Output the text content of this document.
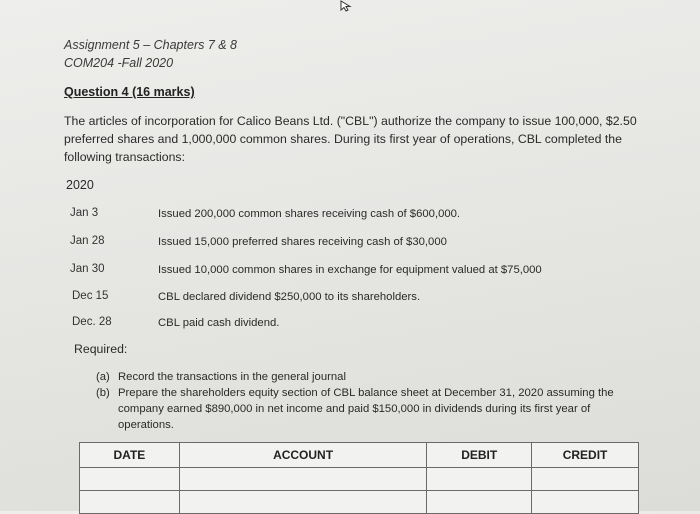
Assignment 5 – Chapters 7 & 8
COM204 -Fall 2020
Question 4 (16 marks)
The articles of incorporation for Calico Beans Ltd. ("CBL") authorize the company to issue 100,000, $2.50 preferred shares and 1,000,000 common shares. During its first year of operations, CBL completed the following transactions:
2020
Jan 3	Issued 200,000 common shares receiving cash of $600,000.
Jan 28	Issued 15,000 preferred shares receiving cash of $30,000
Jan 30	Issued 10,000 common shares in exchange for equipment valued at $75,000
Dec 15	CBL declared dividend $250,000 to its shareholders.
Dec. 28	CBL paid cash dividend.
Required:
(a) Record the transactions in the general journal
(b) Prepare the shareholders equity section of CBL balance sheet at December 31, 2020 assuming the company earned $890,000 in net income and paid $150,000 in dividends during its first year of operations.
DATE	ACCOUNT	DEBIT	CREDIT
